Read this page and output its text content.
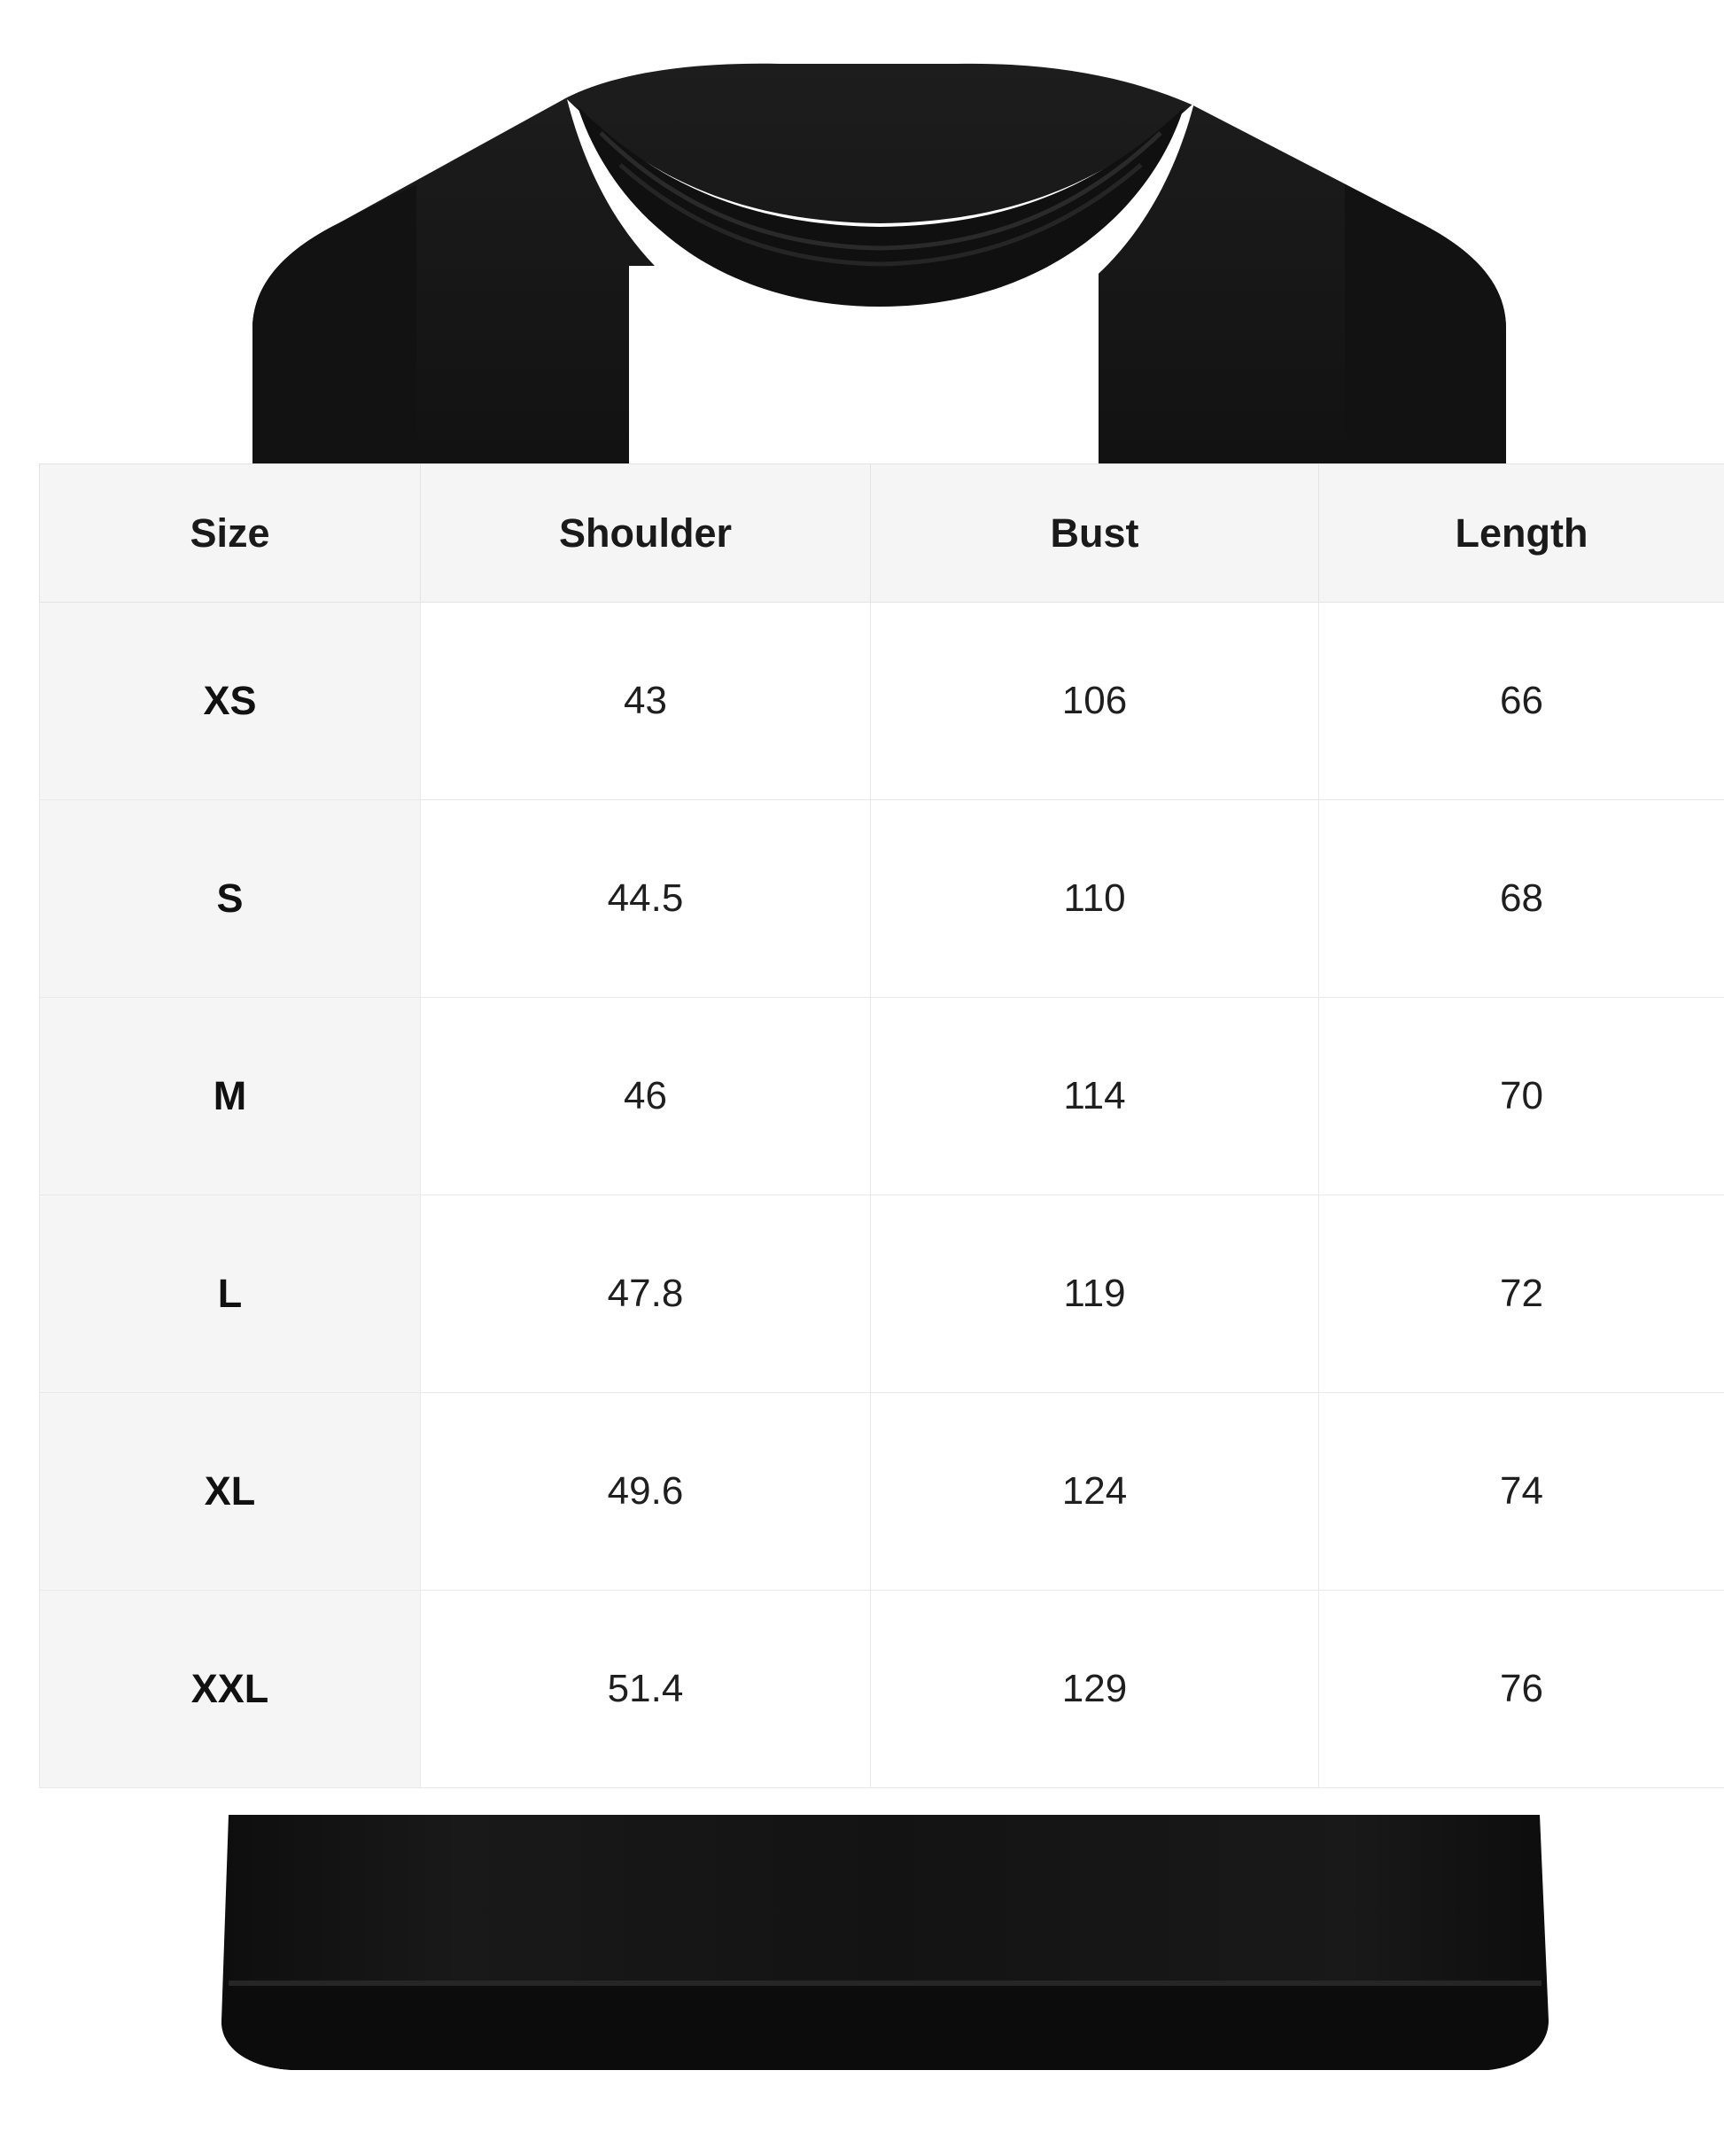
Size	Shoulder	Bust	Length
XS	43	106	66
S	44.5	110	68
M	46	114	70
L	47.8	119	72
XL	49.6	124	74
XXL	51.4	129	76
